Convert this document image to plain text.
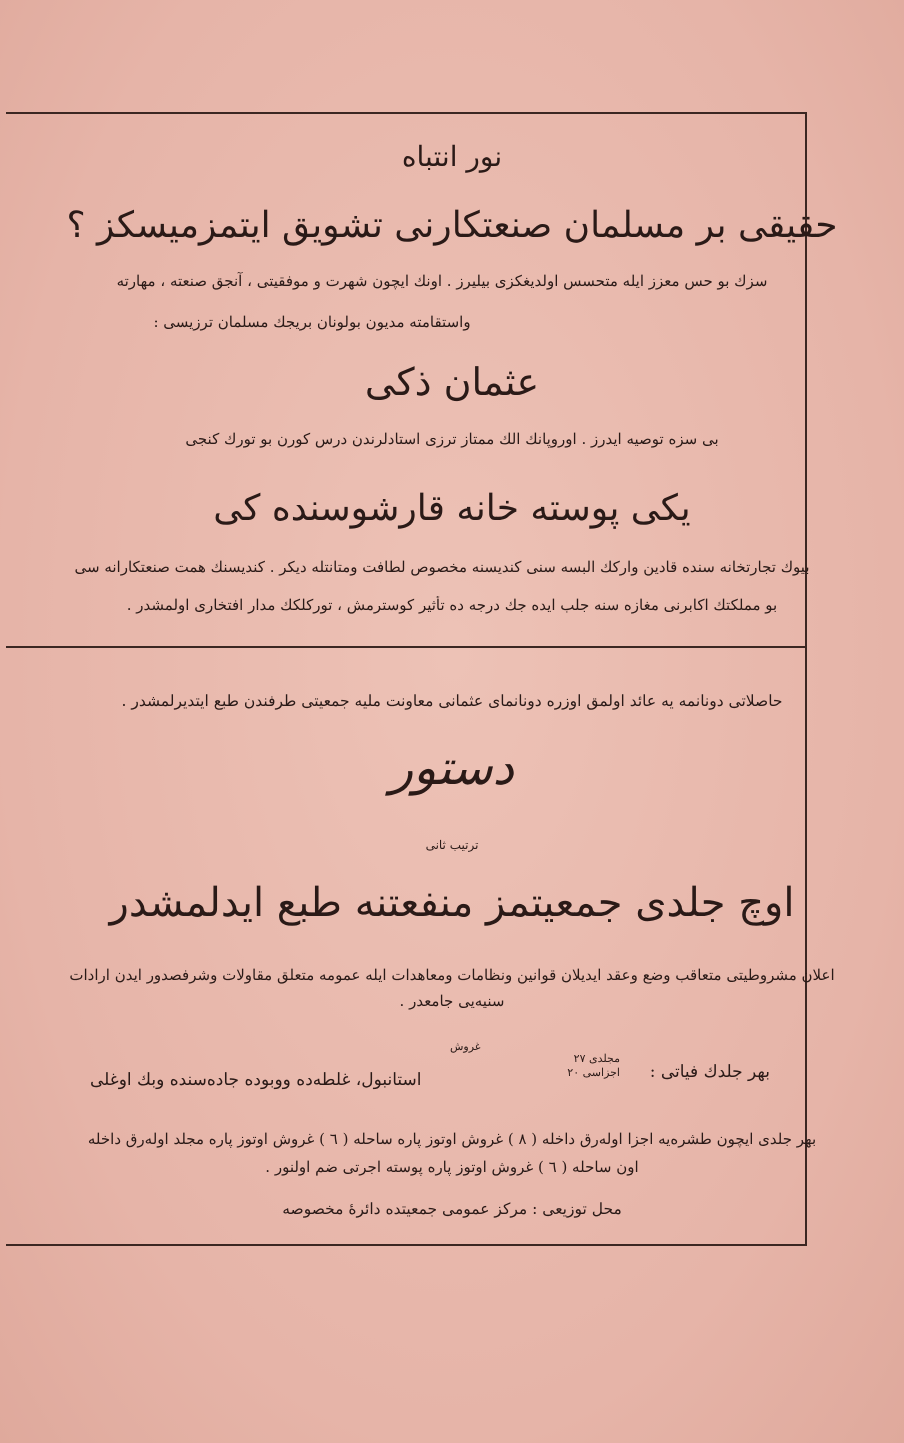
نور انتباه
حقیقی بر مسلمان صنعتكارنی تشویق ایتمزمیسكز ؟
سزك بو حس معزز ایله متحسس اولدیغكزی بیلیرز . اونك ایچون شهرت و موفقیتی ، آنجق صنعته ، مهارته
واستقامته مدیون بولونان بریجك مسلمان ترزیسی :
عثمان ذكی
بی سزه توصیه ایدرز . اوروپانك الك ممتاز ترزی استادلرندن درس كورن بو تورك كنجی
یكی پوسته خانه قارشوسنده كی
بیوك تجارتخانه سنده قادین واركك البسه سنی كنديسنه مخصوص لطافت ومتانتله دیكر . كندیسنك همت صنعتكارانه سی
بو مملكتك اكابرنی مغازه سنه جلب ایده جك درجه ده تأثیر كوسترمش ، توركلكك مدار افتخاری اولمشدر .
حاصلاتی دونانمه‌ یه عائد اولمق اوزره دونانمای عثمانی معاونت ملیه جمعیتی طرفندن طبع ایتدیرلمشدر .
دستور
ترتیب ثانی
اوچ جلدی جمعیتمز منفعتنه طبع ایدلمشدر
اعلان مشروطیتی متعاقب وضع وعقد ایدیلان قوانین ونظامات ومعاهدات ایله عمومه متعلق مقاولات وشرفصدور ایدن ارادات
سنیه‌یی جامعدر .
غروش
بهر جلدك فیاتی :
مجلدی ٢٧
اجزاسی ٢٠
استانبول، غلطه‌ده ووبوده جاده‌سنده وبك اوغلی
بهر جلدی ایچون طشره‌یه اجزا اوله‌رق داخله ( ٨ ) غروش اوتوز پاره ساحله ( ٦ ) غروش اوتوز پاره مجلد اوله‌رق داخله
اون ساحله ( ٦ ) غروش اوتوز پاره پوسته اجرتی ضم اولنور .
محل توزیعی : مركز عمومی جمعیتده دائرهٔ مخصوصه
